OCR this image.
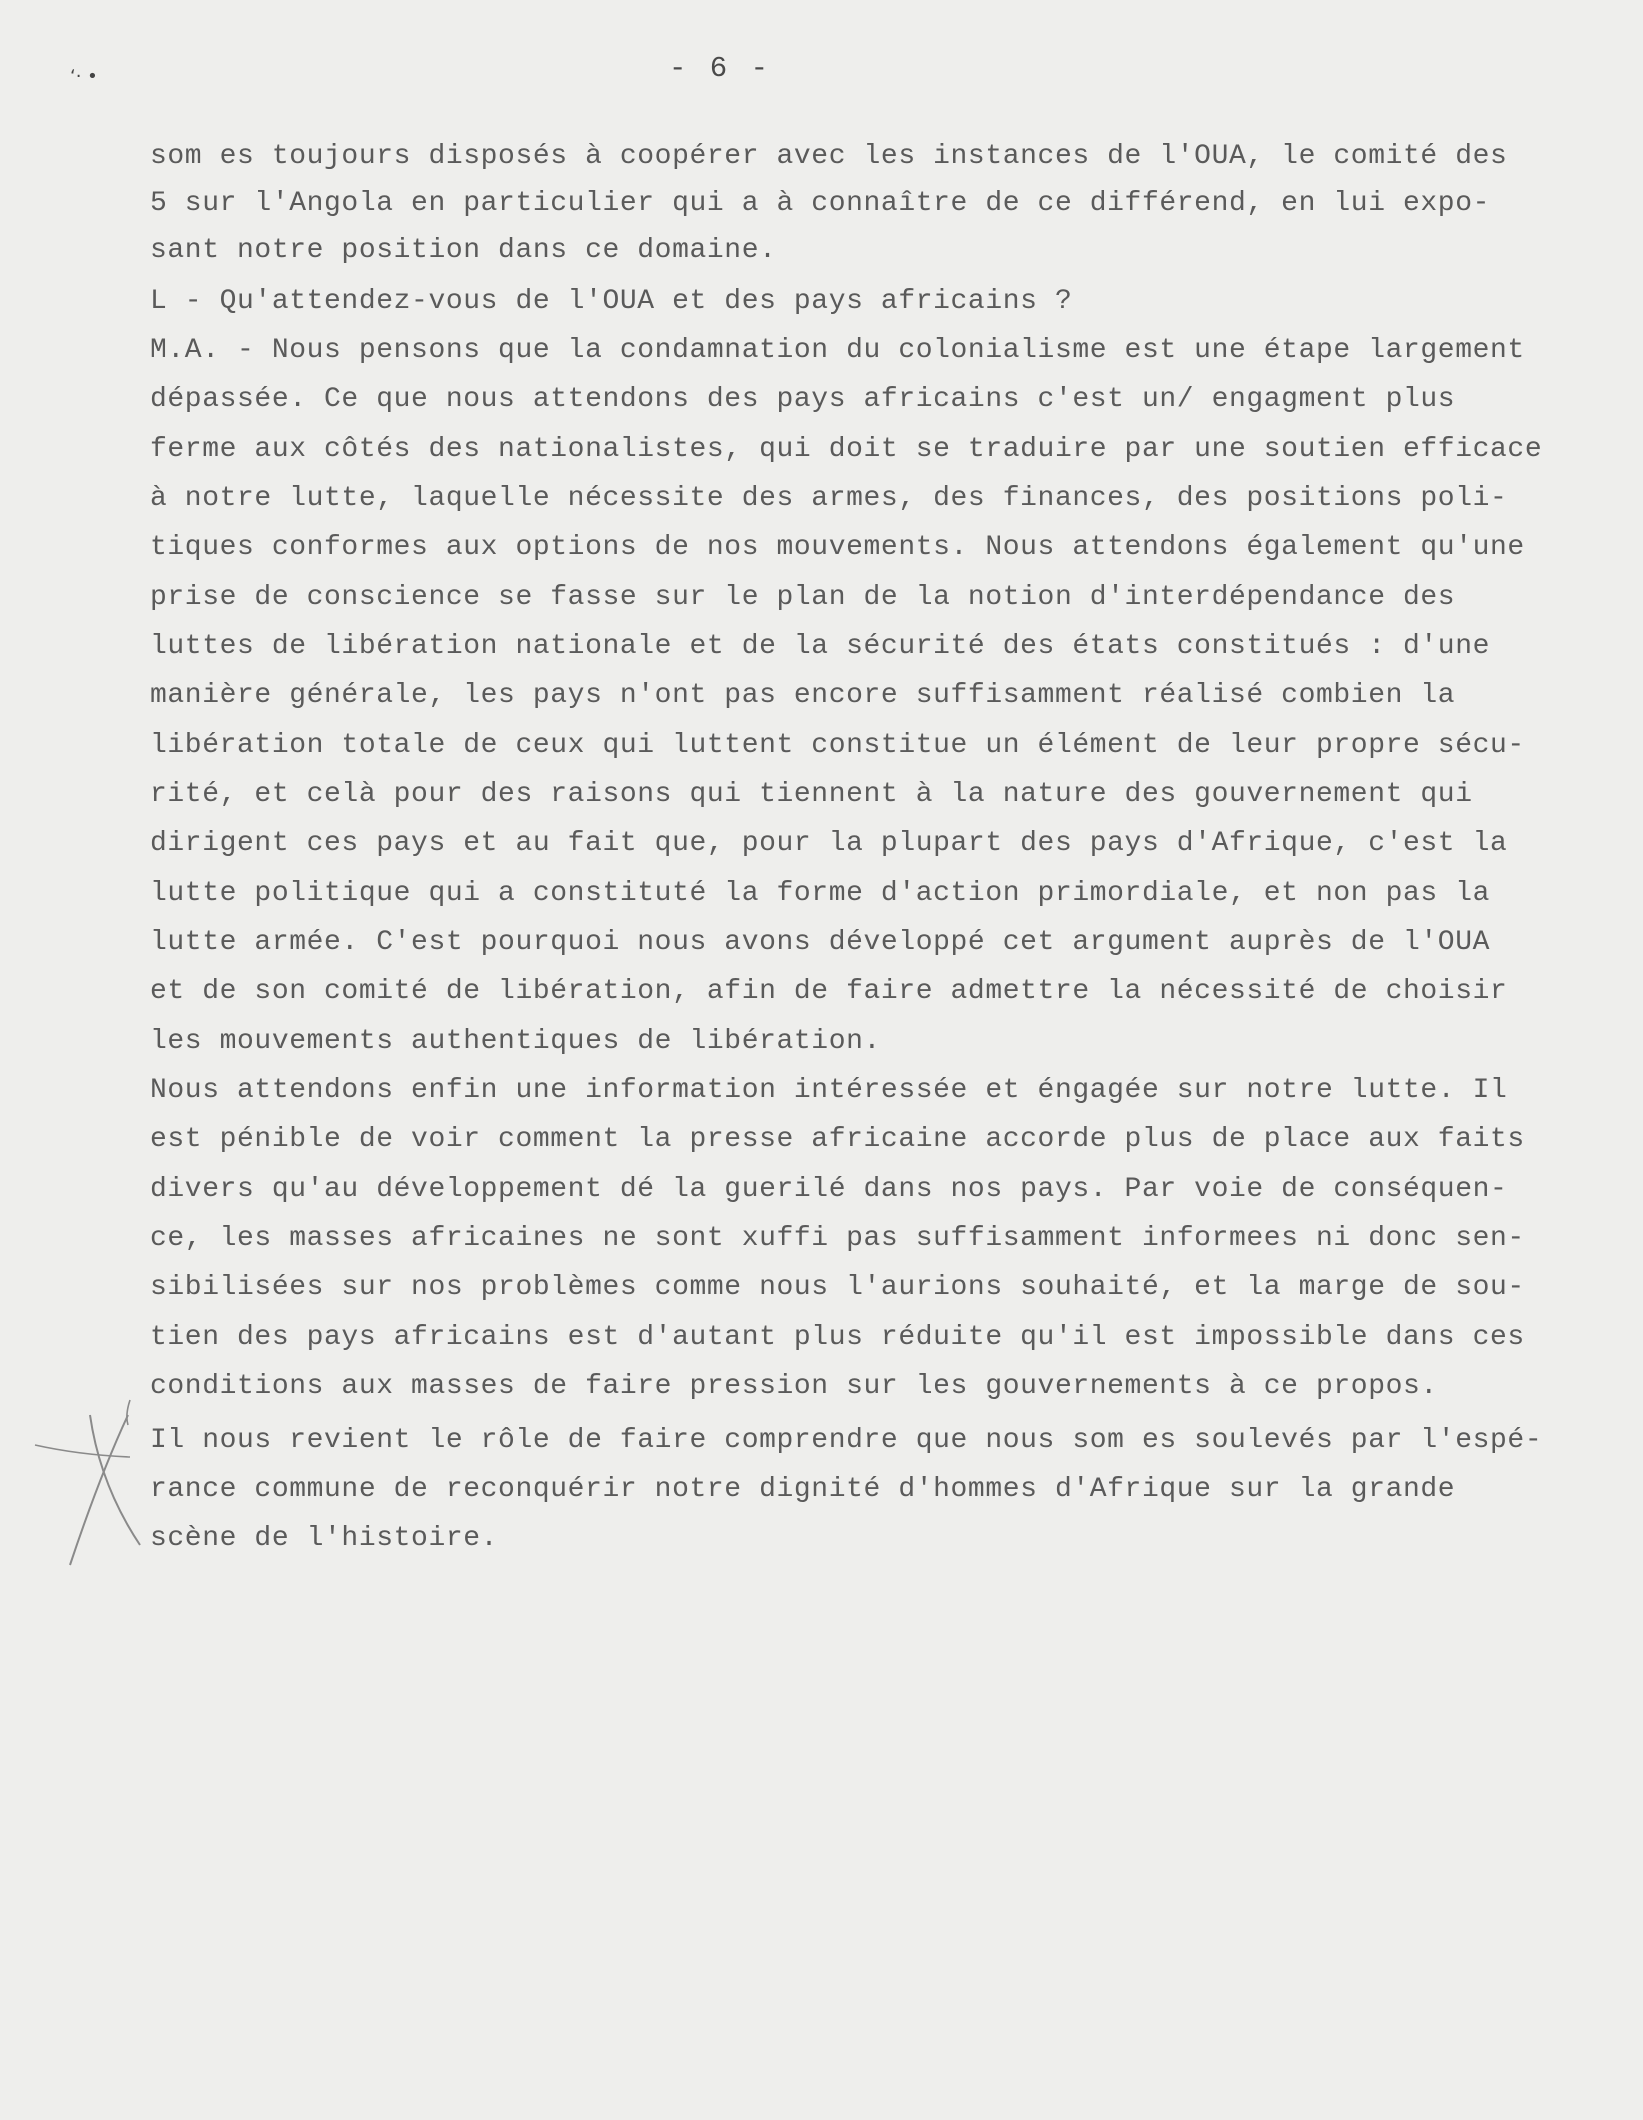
ʻ· •	- 6 -
som es toujours disposés à coopérer avec les instances de l'OUA, le comité des
5 sur l'Angola en particulier qui a à connaître de ce différend, en lui expo-
sant notre position dans ce domaine.
L - Qu'attendez-vous de l'OUA et des pays africains ?
M.A. - Nous pensons que la condamnation du colonialisme est une étape largement
dépassée. Ce que nous attendons des pays africains c'est un/ engagment plus
ferme aux côtés des nationalistes, qui doit se traduire par une soutien efficace
à notre lutte, laquelle nécessite des armes, des finances, des positions poli-
tiques conformes aux options de nos mouvements. Nous attendons également qu'une
prise de conscience se fasse sur le plan de la notion d'interdépendance des
luttes de libération nationale et de la sécurité des états constitués : d'une
manière générale, les pays n'ont pas encore suffisamment réalisé combien la
libération totale de ceux qui luttent constitue un élément de leur propre sécu-
rité, et celà pour des raisons qui tiennent à la nature des gouvernement qui
dirigent ces pays et au fait que, pour la plupart des pays d'Afrique, c'est la
lutte politique qui a constituté la forme d'action primordiale, et non pas la
lutte armée. C'est pourquoi nous avons développé cet argument auprès de l'OUA
et de son comité de libération, afin de faire admettre la nécessité de choisir
les mouvements authentiques de libération.
Nous attendons enfin une information intéressée et éngagée sur notre lutte. Il
est pénible de voir comment la presse africaine accorde plus de place aux faits
divers qu'au développement dé la guerilé dans nos pays. Par voie de conséquen-
ce, les masses africaines ne sont xuffi pas suffisamment informees ni donc sen-
sibilisées sur nos problèmes comme nous l'aurions souhaité, et la marge de sou-
tien des pays africains est d'autant plus réduite qu'il est impossible dans ces
conditions aux masses de faire pression sur les gouvernements à ce propos.
Il nous revient le rôle de faire comprendre que nous som es soulevés par l'espé-
rance commune de reconquérir notre dignité d'hommes d'Afrique sur la grande
scène de l'histoire.
